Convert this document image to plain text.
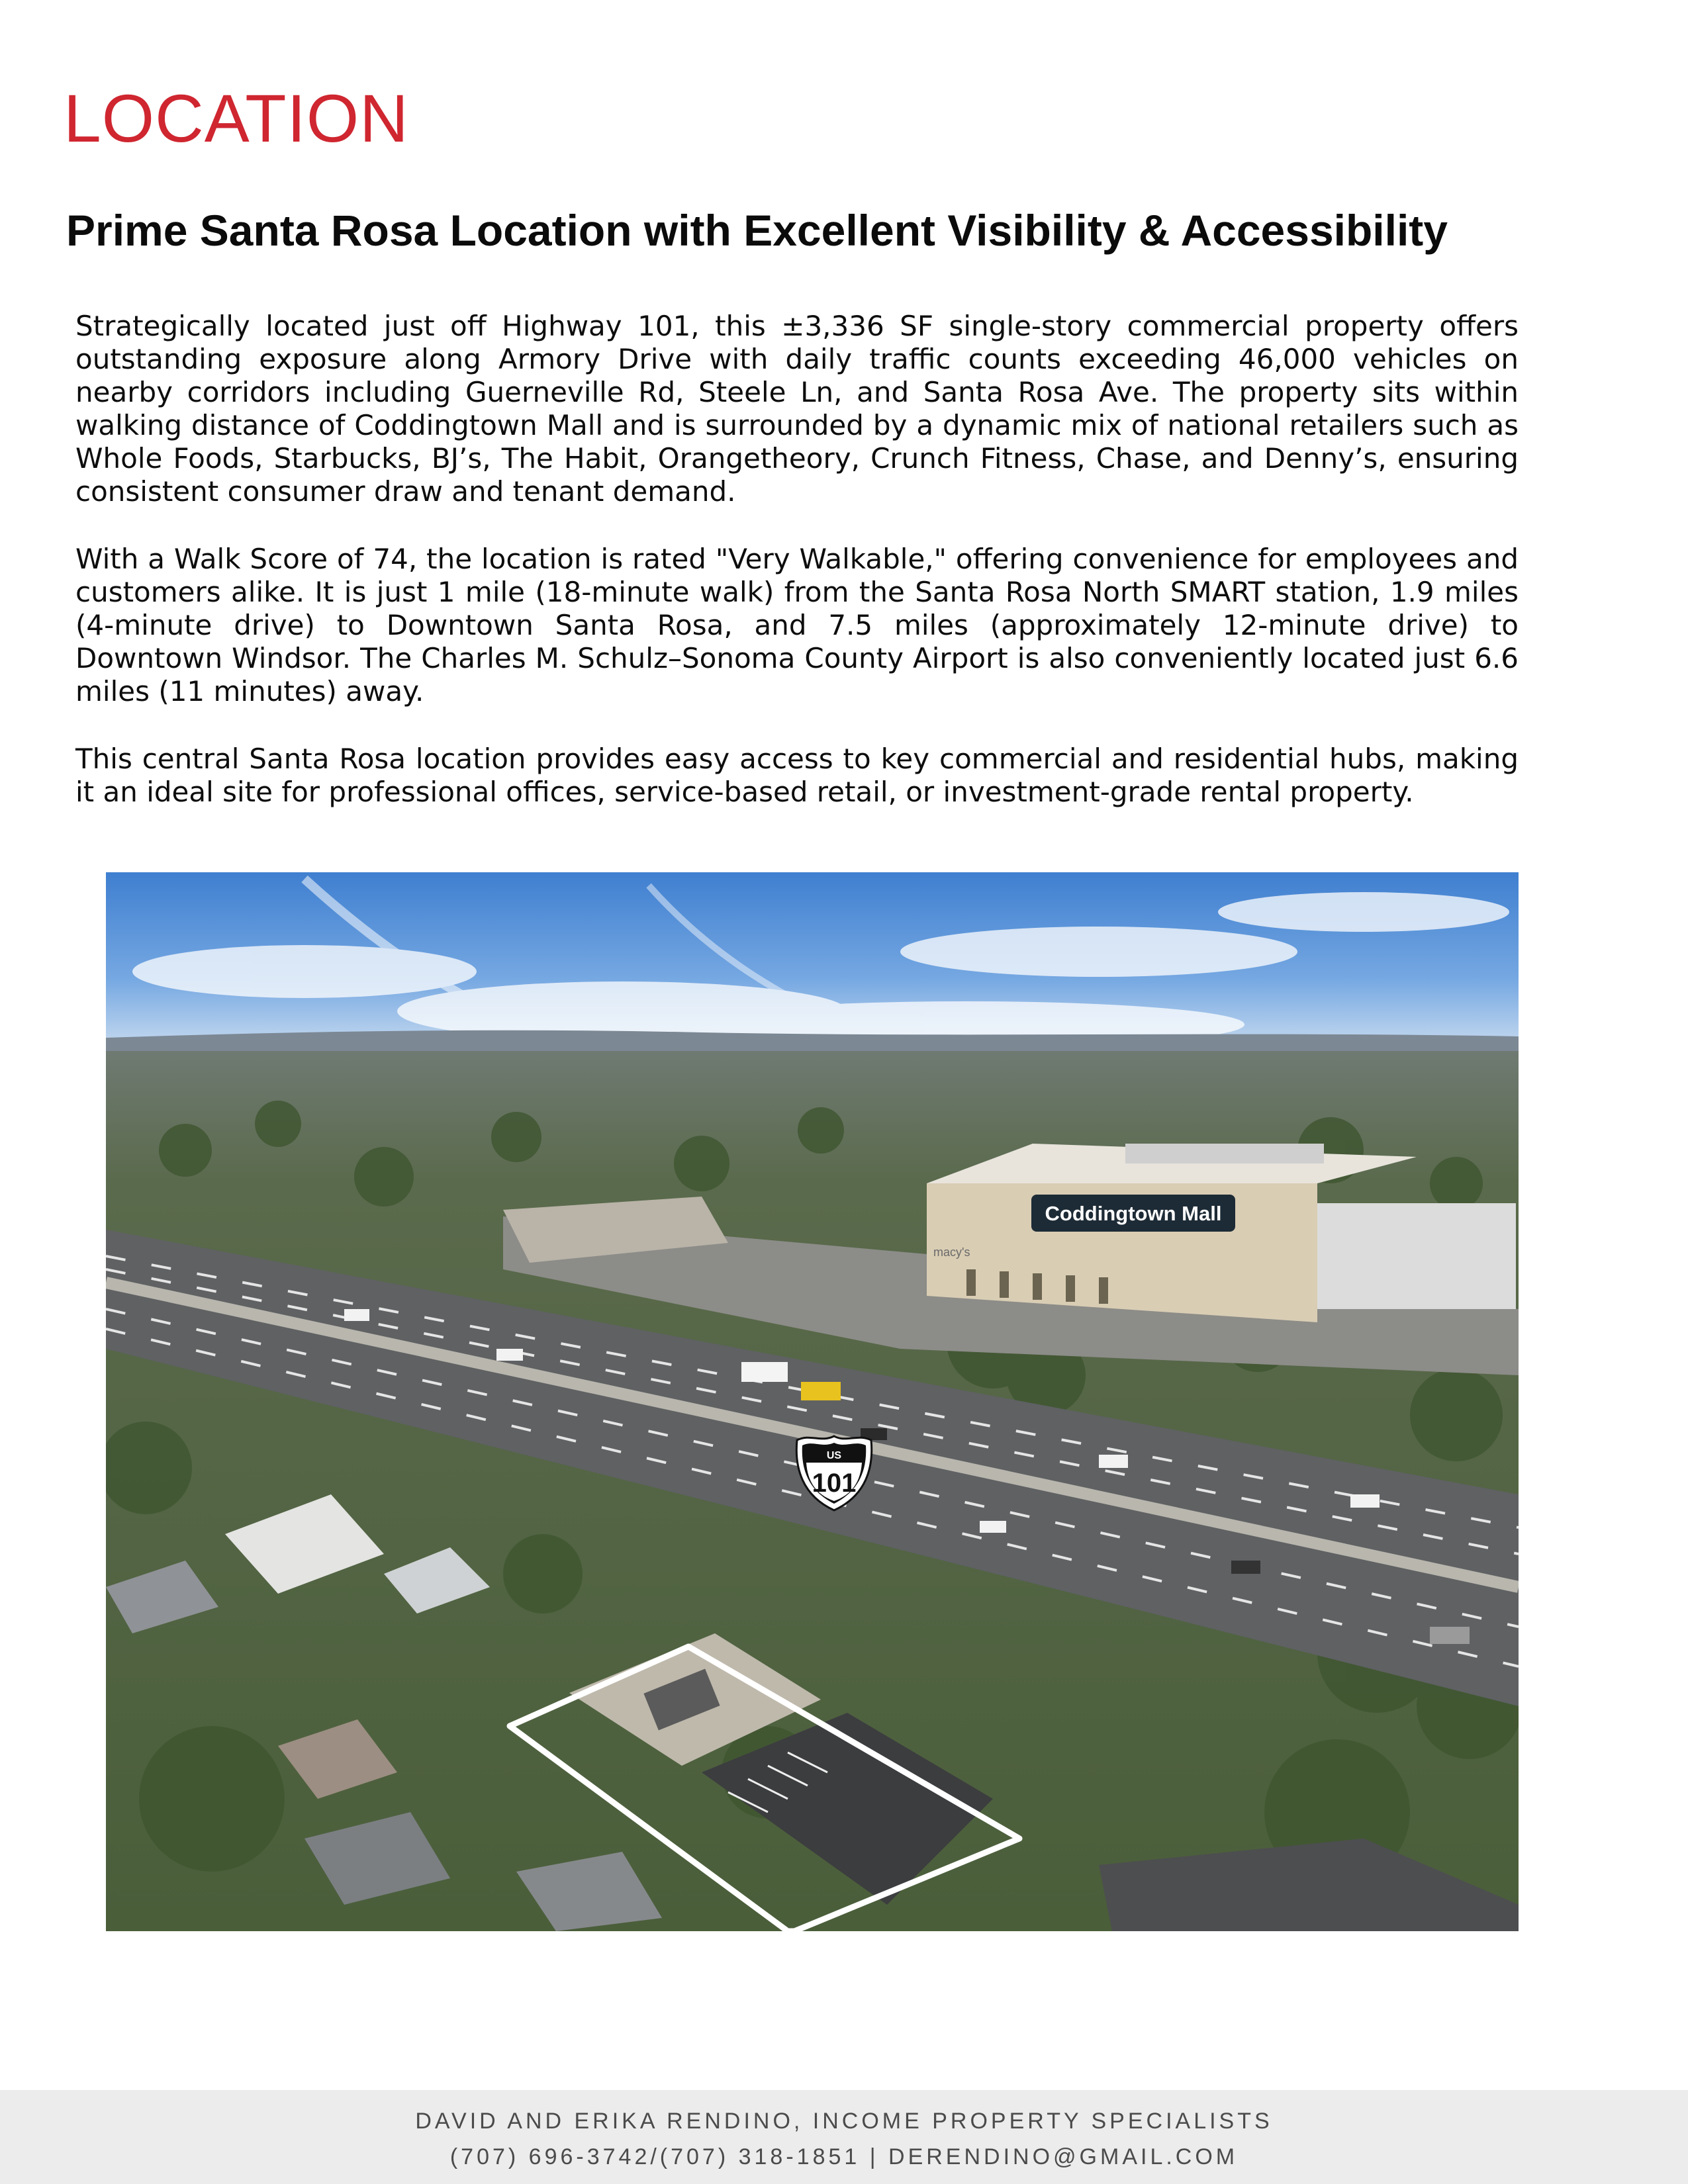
LOCATION
Prime Santa Rosa Location with Excellent Visibility & Accessibility

Strategically located just off Highway 101, this ±3,336 SF single-story commercial property offers outstanding exposure along Armory Drive with daily traffic counts exceeding 46,000 vehicles on nearby corridors including Guerneville Rd, Steele Ln, and Santa Rosa Ave. The property sits within walking distance of Coddingtown Mall and is surrounded by a dynamic mix of national retailers such as Whole Foods, Starbucks, BJ’s, The Habit, Orangetheory, Crunch Fitness, Chase, and Denny’s, ensuring consistent consumer draw and tenant demand.

With a Walk Score of 74, the location is rated "Very Walkable," offering convenience for employees and customers alike. It is just 1 mile (18-minute walk) from the Santa Rosa North SMART station, 1.9 miles (4-minute drive) to Downtown Santa Rosa, and 7.5 miles (approximately 12-minute drive) to Downtown Windsor. The Charles M. Schulz–Sonoma County Airport is also conveniently located just 6.6 miles (11 minutes) away.

This central Santa Rosa location provides easy access to key commercial and residential hubs, making it an ideal site for professional offices, service-based retail, or investment-grade rental property.

macy's
Coddingtown Mall
US
101
DAVID AND ERIKA RENDINO, INCOME PROPERTY SPECIALISTS
(707) 696-3742/(707) 318-1851 | DERENDINO@GMAIL.COM
